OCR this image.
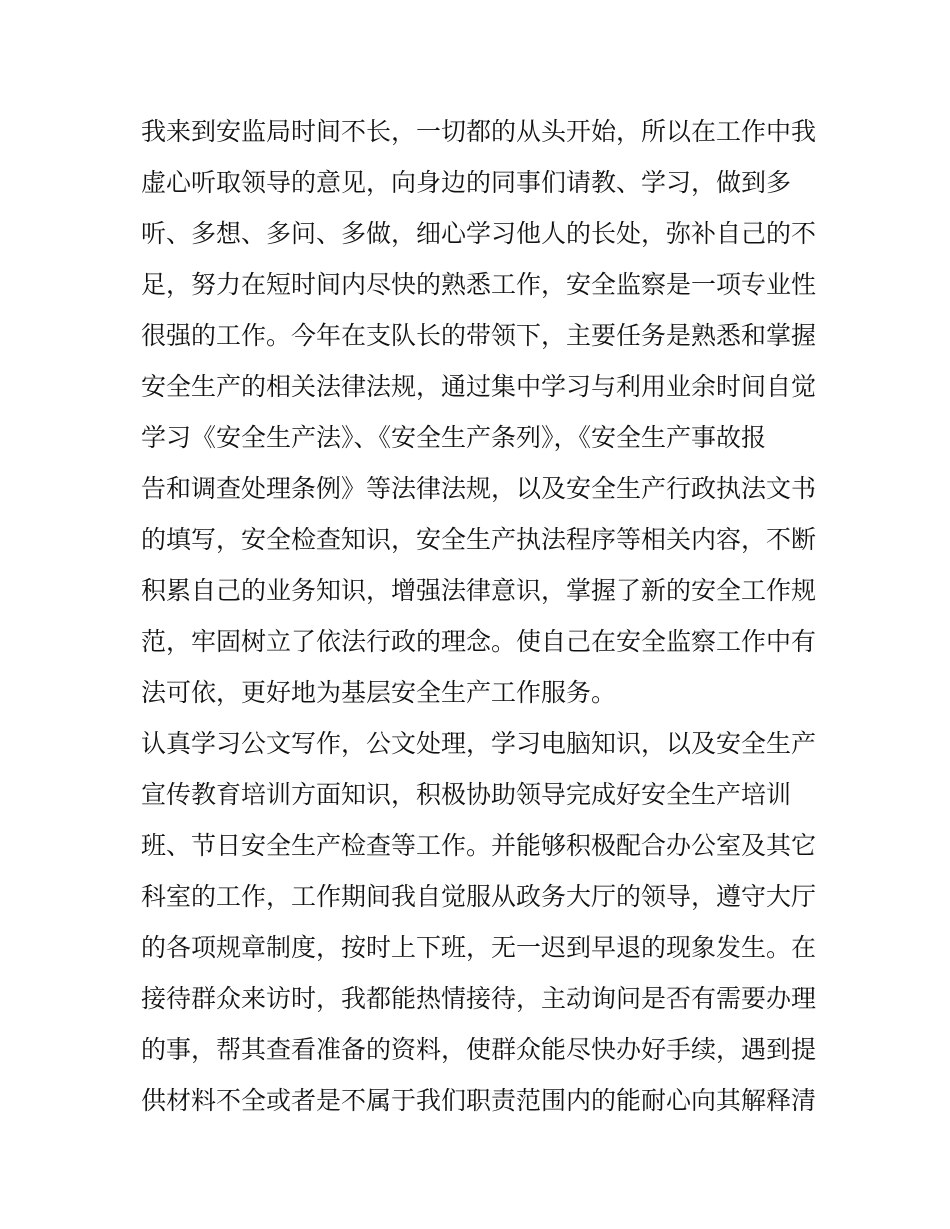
我来到安监局时间不长，一切都的从头开始，所以在工作中我
虚心听取领导的意见，向身边的同事们请教、学习，做到多
听、多想、多问、多做，细心学习他人的长处，弥补自己的不
足，努力在短时间内尽快的熟悉工作，安全监察是一项专业性
很强的工作。今年在支队长的带领下，主要任务是熟悉和掌握
安全生产的相关法律法规，通过集中学习与利用业余时间自觉
学习《安全生产法》、《安全生产条列》，《安全生产事故报
告和调查处理条例》等法律法规，以及安全生产行政执法文书
的填写，安全检查知识，安全生产执法程序等相关内容，不断
积累自己的业务知识，增强法律意识，掌握了新的安全工作规
范，牢固树立了依法行政的理念。使自己在安全监察工作中有
法可依，更好地为基层安全生产工作服务。
认真学习公文写作，公文处理，学习电脑知识，以及安全生产
宣传教育培训方面知识，积极协助领导完成好安全生产培训
班、节日安全生产检查等工作。并能够积极配合办公室及其它
科室的工作，工作期间我自觉服从政务大厅的领导，遵守大厅
的各项规章制度，按时上下班，无一迟到早退的现象发生。在
接待群众来访时，我都能热情接待，主动询问是否有需要办理
的事，帮其查看准备的资料，使群众能尽快办好手续，遇到提
供材料不全或者是不属于我们职责范围内的能耐心向其解释清
